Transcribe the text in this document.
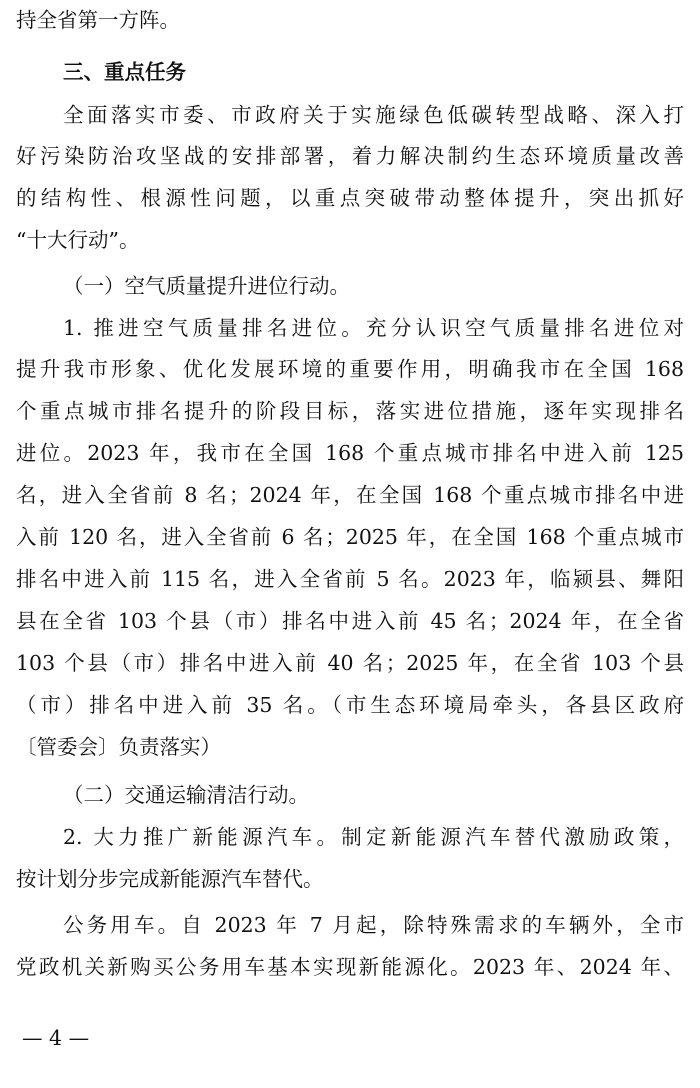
持全省第一方阵。
三、重点任务
全面落实市委、市政府关于实施绿色低碳转型战略、深入打
好污染防治攻坚战的安排部署，着力解决制约生态环境质量改善
的结构性、根源性问题，以重点突破带动整体提升，突出抓好
“十大行动”。
（一）空气质量提升进位行动。
1. 推进空气质量排名进位。充分认识空气质量排名进位对
提升我市形象、优化发展环境的重要作用，明确我市在全国 168
个重点城市排名提升的阶段目标，落实进位措施，逐年实现排名
进位。2023 年，我市在全国 168 个重点城市排名中进入前 125
名，进入全省前 8 名；2024 年，在全国 168 个重点城市排名中进
入前 120 名，进入全省前 6 名；2025 年，在全国 168 个重点城市
排名中进入前 115 名，进入全省前 5 名。2023 年，临颍县、舞阳
县在全省 103 个县（市）排名中进入前 45 名；2024 年，在全省
103 个县（市）排名中进入前 40 名；2025 年，在全省 103 个县
（市）排名中进入前 35 名。（市生态环境局牵头，各县区政府
〔管委会〕负责落实）
（二）交通运输清洁行动。
2. 大力推广新能源汽车。制定新能源汽车替代激励政策，
按计划分步完成新能源汽车替代。
公务用车。自 2023 年 7 月起，除特殊需求的车辆外，全市
党政机关新购买公务用车基本实现新能源化。2023 年、2024 年、
— 4 —
